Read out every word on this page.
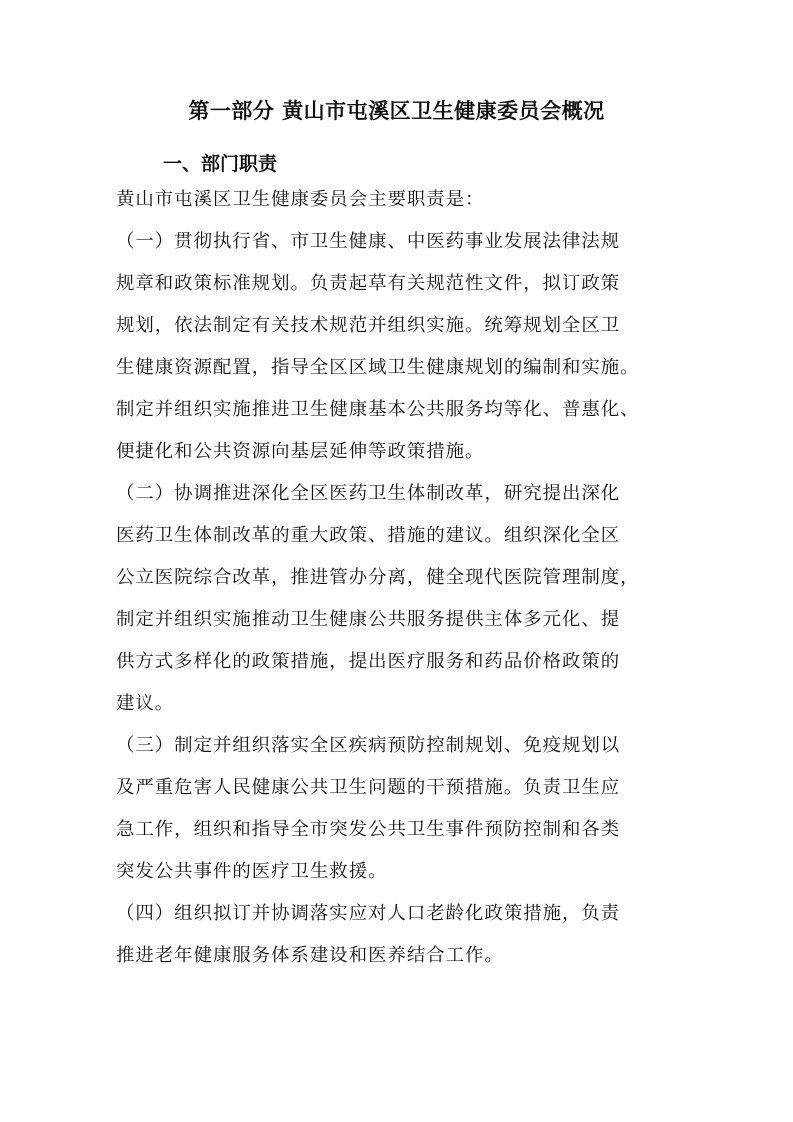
第一部分 黄山市屯溪区卫生健康委员会概况
一、部门职责
黄山市屯溪区卫生健康委员会主要职责是：
（一）贯彻执行省、市卫生健康、中医药事业发展法律法规
规章和政策标准规划。负责起草有关规范性文件，拟订政策
规划，依法制定有关技术规范并组织实施。统筹规划全区卫
生健康资源配置，指导全区区域卫生健康规划的编制和实施。
制定并组织实施推进卫生健康基本公共服务均等化、普惠化、
便捷化和公共资源向基层延伸等政策措施。
（二）协调推进深化全区医药卫生体制改革，研究提出深化
医药卫生体制改革的重大政策、措施的建议。组织深化全区
公立医院综合改革，推进管办分离，健全现代医院管理制度，
制定并组织实施推动卫生健康公共服务提供主体多元化、提
供方式多样化的政策措施，提出医疗服务和药品价格政策的
建议。
（三）制定并组织落实全区疾病预防控制规划、免疫规划以
及严重危害人民健康公共卫生问题的干预措施。负责卫生应
急工作，组织和指导全市突发公共卫生事件预防控制和各类
突发公共事件的医疗卫生救援。
（四）组织拟订并协调落实应对人口老龄化政策措施，负责
推进老年健康服务体系建设和医养结合工作。
